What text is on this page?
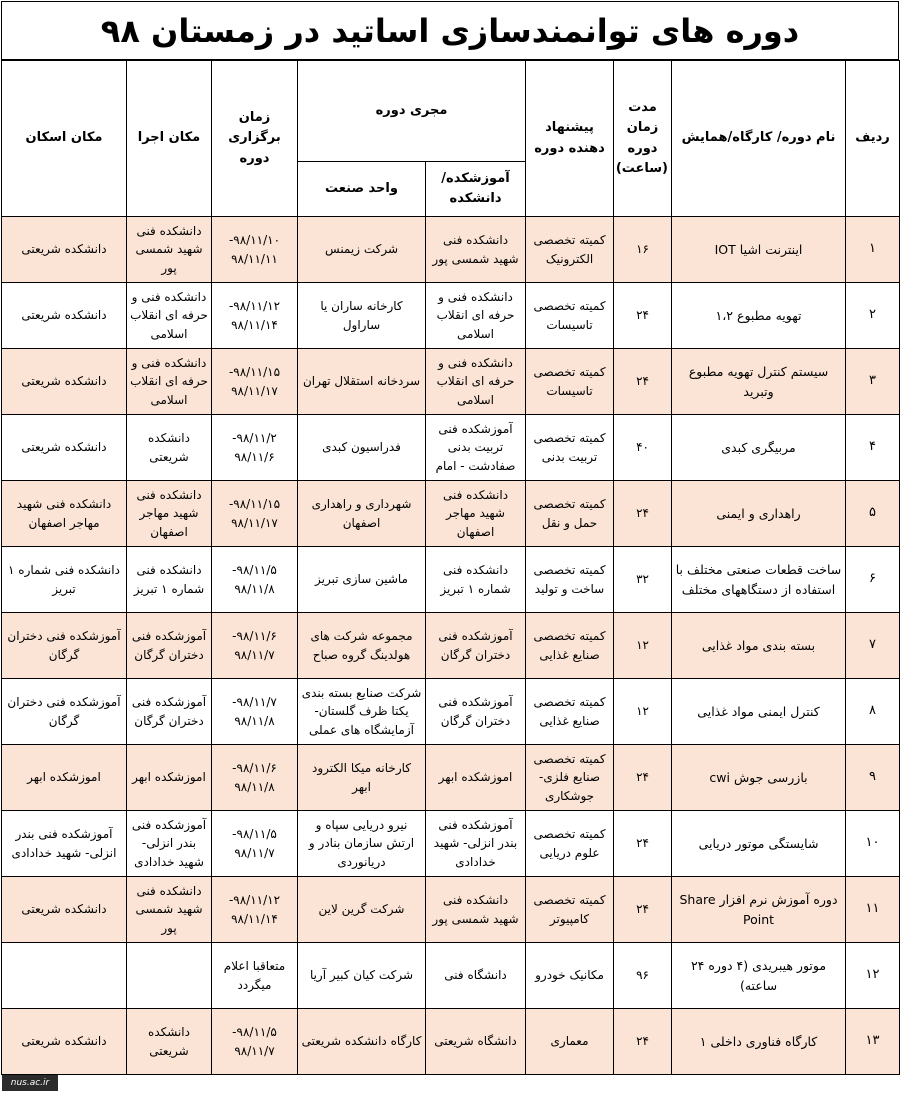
دوره های توانمندسازی اساتید در زمستان ۹۸
ردیف	نام دوره/ کارگاه/همایش	مدت زمان دوره (ساعت)	پیشنهاد دهنده دوره	مجری دوره		زمان برگزاری دوره	مکان اجرا	مکان اسکان
				آموزشکده/ دانشکده	واحد صنعت			
۱	اینترنت اشیا IOT	۱۶	کمیته تخصصی الکترونیک	دانشکده فنی شهید شمسی پور	شرکت زیمنس	۹۸/۱۱/۱۰- ۹۸/۱۱/۱۱	دانشکده فنی شهید شمسی پور	دانشکده شریعتی
۲	تهویه مطبوع ۱،۲	۲۴	کمیته تخصصی تاسیسات	دانشکده فنی و حرفه ای انقلاب اسلامی	کارخانه ساران یا ساراول	۹۸/۱۱/۱۲- ۹۸/۱۱/۱۴	دانشکده فنی و حرفه ای انقلاب اسلامی	دانشکده شریعتی
۳	سیستم کنترل تهویه مطبوع وتبرید	۲۴	کمیته تخصصی تاسیسات	دانشکده فنی و حرفه ای انقلاب اسلامی	سردخانه استقلال تهران	۹۸/۱۱/۱۵- ۹۸/۱۱/۱۷	دانشکده فنی و حرفه ای انقلاب اسلامی	دانشکده شریعتی
۴	مربیگری کبدی	۴۰	کمیته تخصصی تربیت بدنی	آموزشکده فنی تربیت بدنی صفادشت - امام	فدراسیون کبدی	۹۸/۱۱/۲- ۹۸/۱۱/۶	دانشکده شریعتی	دانشکده شریعتی
۵	راهداری و ایمنی	۲۴	کمیته تخصصی حمل و نقل	دانشکده فنی شهید مهاجر اصفهان	شهرداری و راهداری اصفهان	۹۸/۱۱/۱۵- ۹۸/۱۱/۱۷	دانشکده فنی شهید مهاجر اصفهان	دانشکده فنی شهید مهاجر اصفهان
۶	ساخت قطعات صنعتی مختلف با استفاده از دستگاههای مختلف	۳۲	کمیته تخصصی ساخت و تولید	دانشکده فنی شماره ۱ تبریز	ماشین سازی تبریز	۹۸/۱۱/۵- ۹۸/۱۱/۸	دانشکده فنی شماره ۱ تبریز	دانشکده فنی شماره ۱ تبریز
۷	بسته بندی مواد غذایی	۱۲	کمیته تخصصی صنایع غذایی	آموزشکده فنی دختران گرگان	مجموعه شرکت های هولدینگ گروه صباح	۹۸/۱۱/۶- ۹۸/۱۱/۷	آموزشکده فنی دختران گرگان	آموزشکده فنی دختران گرگان
۸	کنترل ایمنی مواد غذایی	۱۲	کمیته تخصصی صنایع غذایی	آموزشکده فنی دختران گرگان	شرکت صنایع بسته بندی یکتا ظرف گلستان- آزمایشگاه های عملی	۹۸/۱۱/۷- ۹۸/۱۱/۸	آموزشکده فنی دختران گرگان	آموزشکده فنی دختران گرگان
۹	بازرسی جوش cwi	۲۴	کمیته تخصصی صنایع فلزی- جوشکاری	اموزشکده ابهر	کارخانه میکا الکترود ابهر	۹۸/۱۱/۶- ۹۸/۱۱/۸	اموزشکده ابهر	اموزشکده ابهر
۱۰	شایستگی موتور دریایی	۲۴	کمیته تخصصی علوم دریایی	آموزشکده فنی بندر انزلی- شهید خدادادی	نیرو دریایی سپاه و ارتش سازمان بنادر و دریانوردی	۹۸/۱۱/۵- ۹۸/۱۱/۷	آموزشکده فنی بندر انزلی- شهید خدادادی	آموزشکده فنی بندر انزلی- شهید خدادادی
۱۱	دوره آموزش نرم افزار Share Point	۲۴	کمیته تخصصی کامپیوتر	دانشکده فنی شهید شمسی پور	شرکت گرین لاین	۹۸/۱۱/۱۲- ۹۸/۱۱/۱۴	دانشکده فنی شهید شمسی پور	دانشکده شریعتی
۱۲	موتور هیبریدی (۴ دوره ۲۴ ساعته)	۹۶	مکانیک خودرو	دانشگاه فنی	شرکت کیان کبیر آریا	متعاقبا اعلام میگردد		
۱۳	کارگاه فناوری داخلی ۱	۲۴	معماری	دانشگاه شریعتی	کارگاه دانشکده شریعتی	۹۸/۱۱/۵- ۹۸/۱۱/۷	دانشکده شریعتی	دانشکده شریعتی
nus.ac.ir
